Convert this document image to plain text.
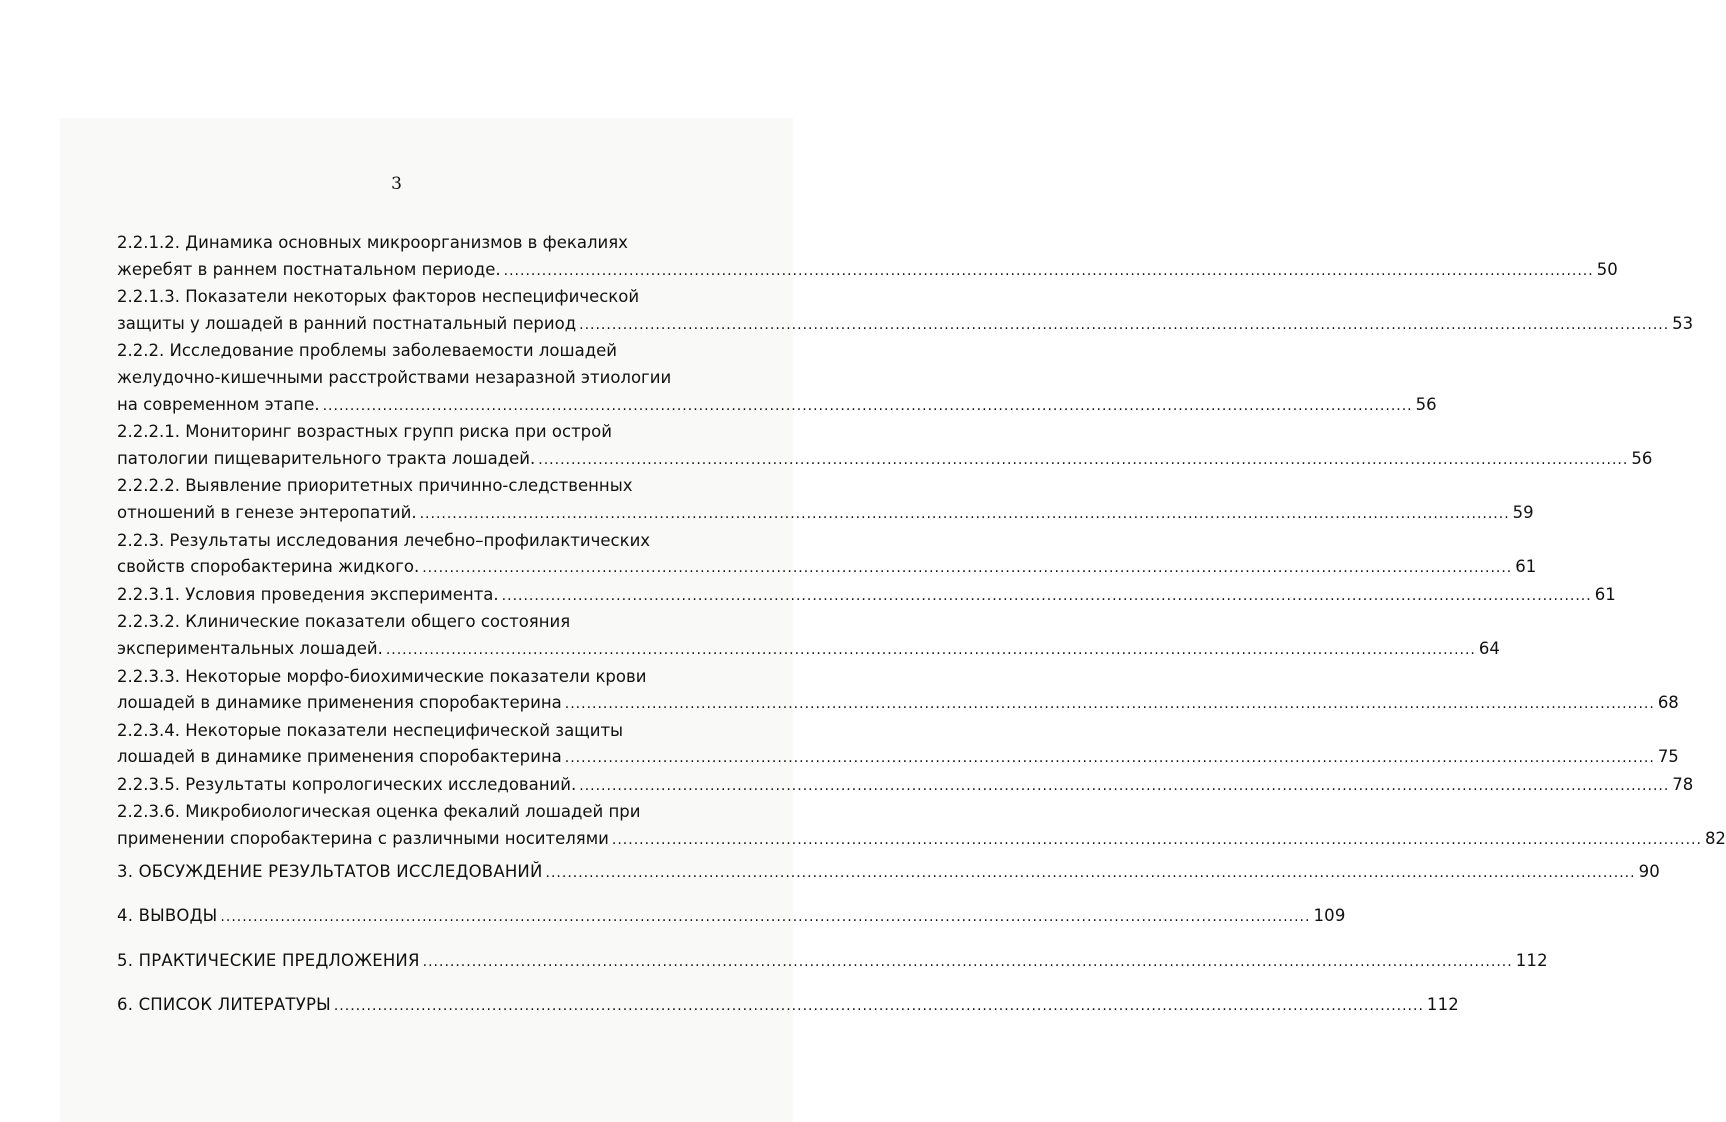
3
2.2.1.2. Динамика основных микроорганизмов в фекалиях
жеребят в раннем постнатальном периоде. ........................................................................................................................................................................................................ 50
2.2.1.3. Показатели некоторых факторов неспецифической
защиты у лошадей в ранний постнатальный период ........................................................................................................................................................................................................ 53
2.2.2. Исследование проблемы заболеваемости лошадей
желудочно-кишечными расстройствами незаразной этиологии
на современном этапе. ........................................................................................................................................................................................................ 56
2.2.2.1. Мониторинг возрастных групп риска при острой
патологии пищеварительного тракта лошадей. ........................................................................................................................................................................................................ 56
2.2.2.2. Выявление приоритетных причинно-следственных
отношений в генезе энтеропатий. ........................................................................................................................................................................................................ 59
2.2.3. Результаты исследования лечебно–профилактических
свойств споробактерина жидкого. ........................................................................................................................................................................................................ 61
2.2.3.1. Условия проведения эксперимента. ........................................................................................................................................................................................................ 61
2.2.3.2. Клинические показатели общего состояния
экспериментальных лошадей. ........................................................................................................................................................................................................ 64
2.2.3.3. Некоторые морфо-биохимические показатели крови
лошадей в динамике применения споробактерина ........................................................................................................................................................................................................ 68
2.2.3.4. Некоторые показатели неспецифической защиты
лошадей в динамике применения споробактерина ........................................................................................................................................................................................................ 75
2.2.3.5. Результаты копрологических исследований. ........................................................................................................................................................................................................ 78
2.2.3.6. Микробиологическая оценка фекалий лошадей при
применении споробактерина с различными носителями ........................................................................................................................................................................................................ 82
3. ОБСУЖДЕНИЕ РЕЗУЛЬТАТОВ ИССЛЕДОВАНИЙ ........................................................................................................................................................................................................ 90
4. ВЫВОДЫ ........................................................................................................................................................................................................ 109
5. ПРАКТИЧЕСКИЕ ПРЕДЛОЖЕНИЯ ........................................................................................................................................................................................................ 112
6. СПИСОК ЛИТЕРАТУРЫ ........................................................................................................................................................................................................ 112
